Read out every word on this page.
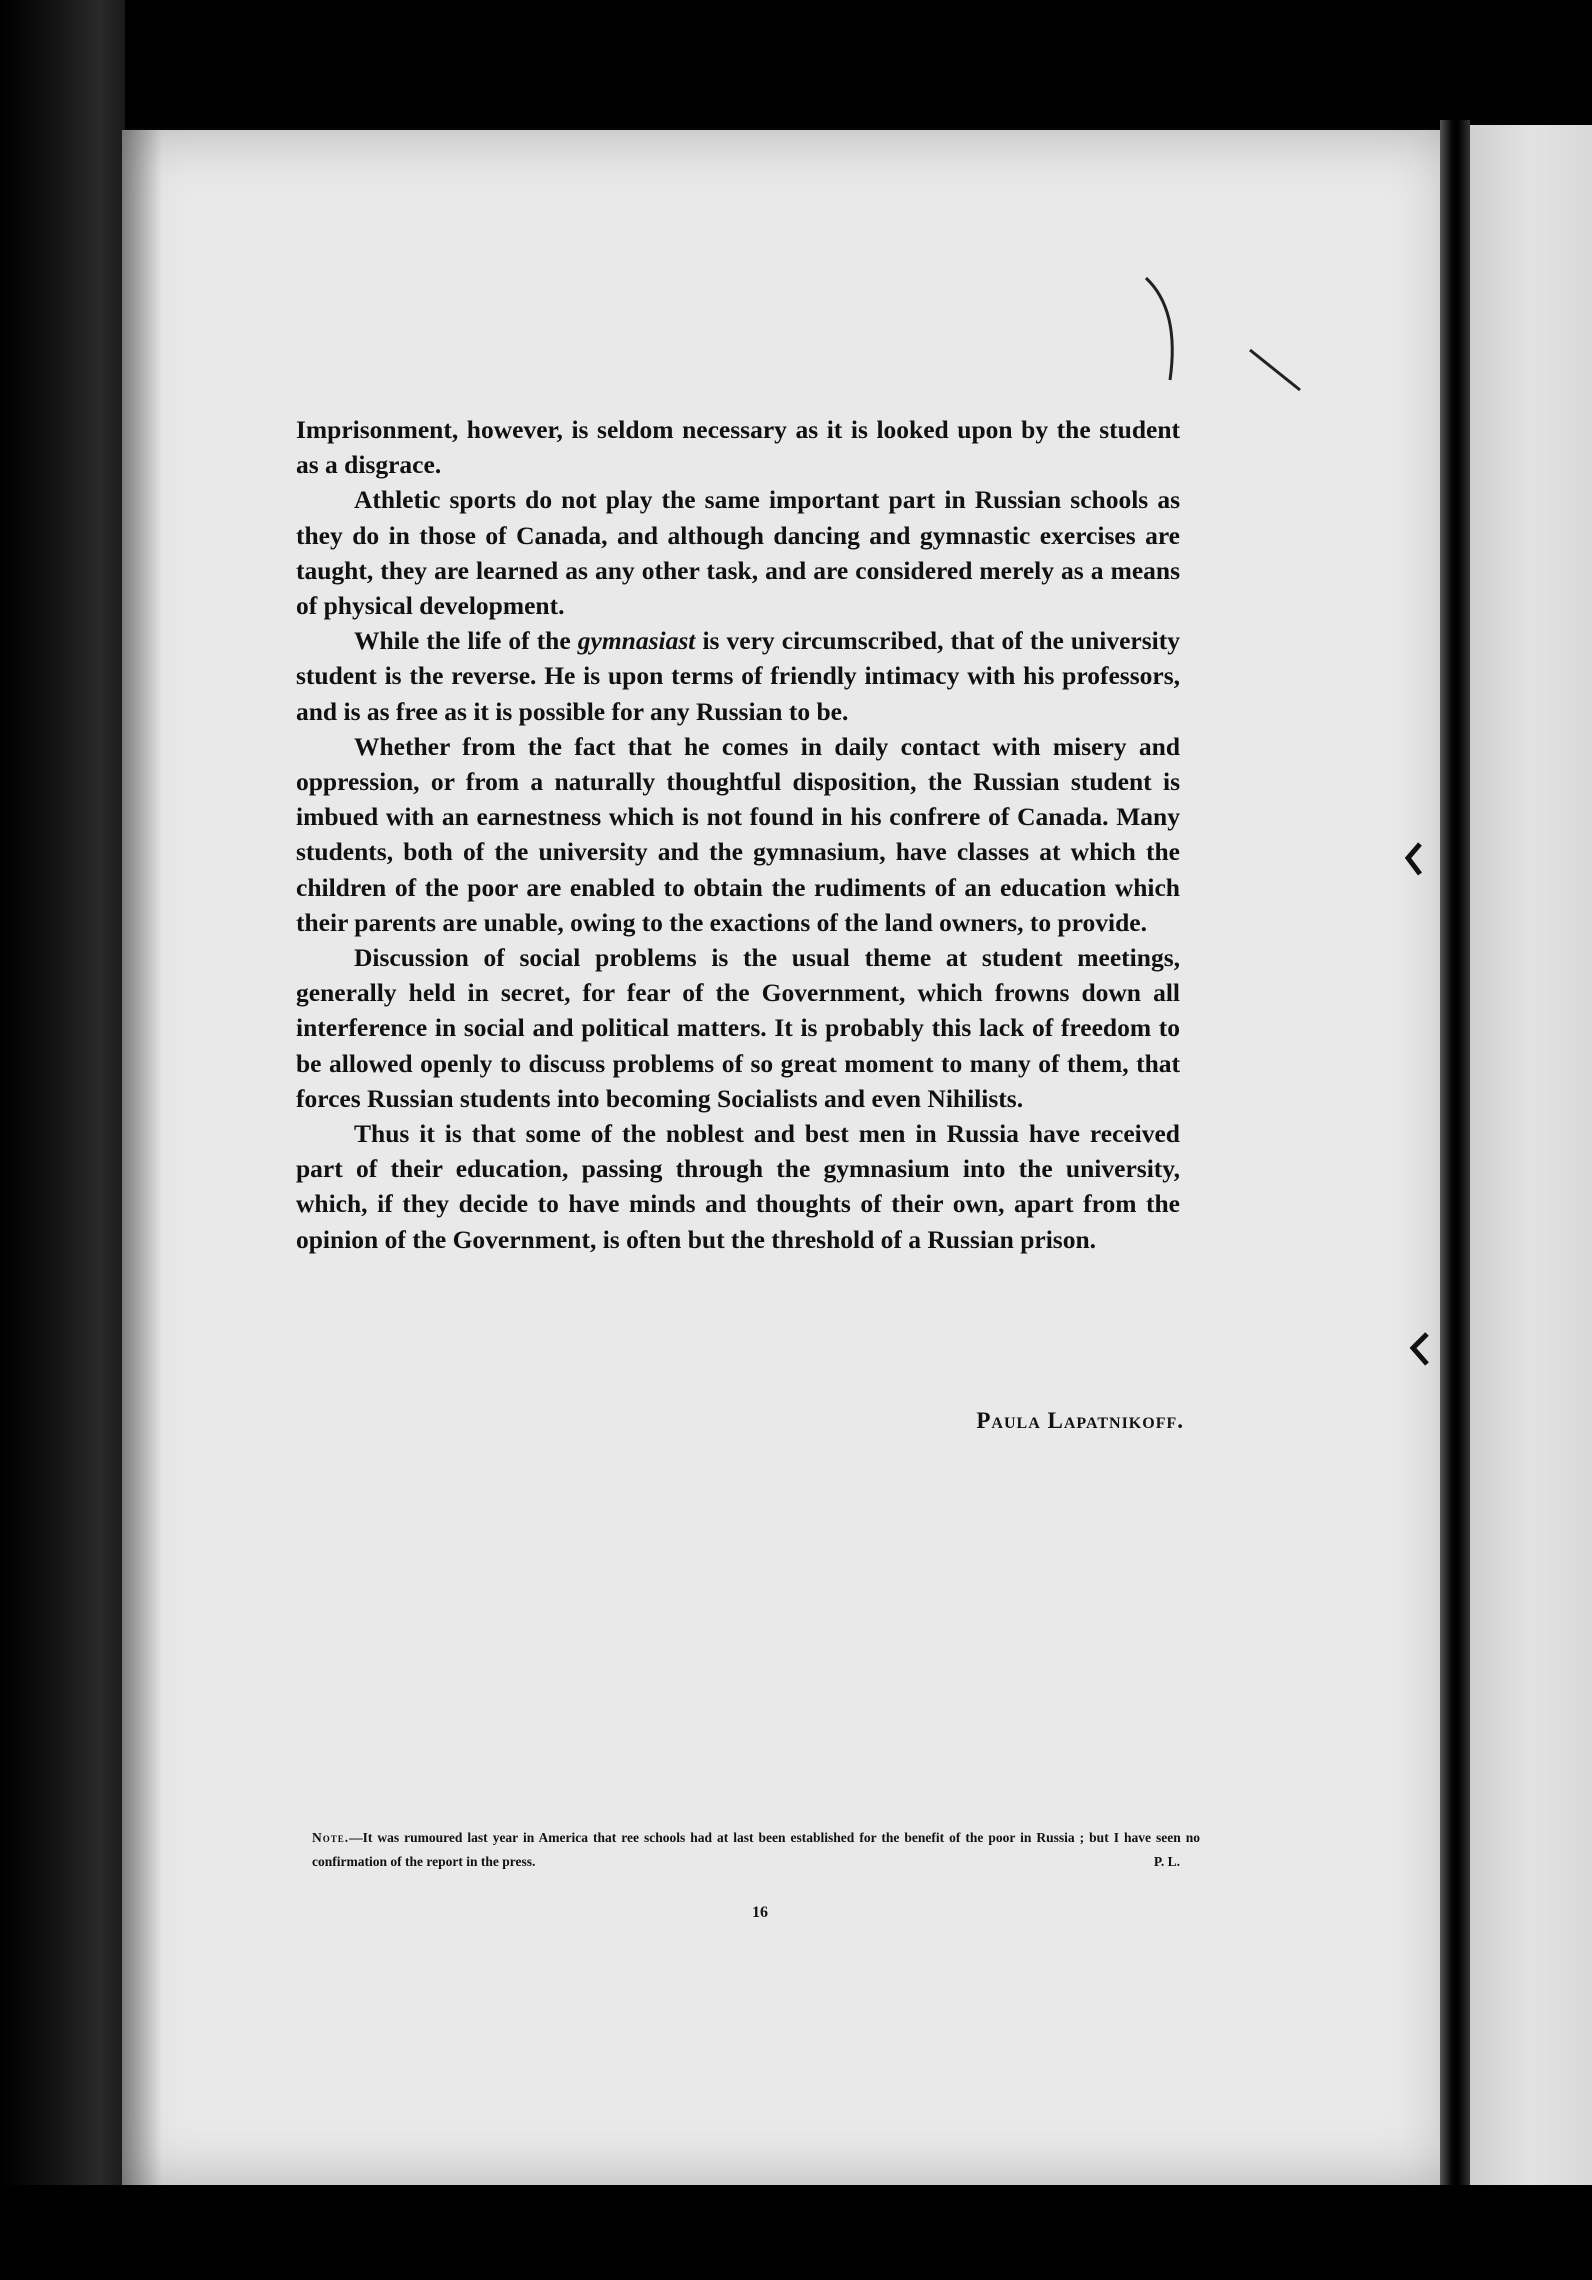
Imprisonment, however, is seldom necessary as it is looked upon by the student as a disgrace.

Athletic sports do not play the same important part in Russian schools as they do in those of Canada, and although dancing and gymnastic exercises are taught, they are learned as any other task, and are considered merely as a means of physical development.

While the life of the gymnasiast is very circumscribed, that of the university student is the reverse. He is upon terms of friendly intimacy with his professors, and is as free as it is possible for any Russian to be.

Whether from the fact that he comes in daily contact with misery and oppression, or from a naturally thoughtful disposition, the Russian student is imbued with an earnestness which is not found in his confrere of Canada. Many students, both of the university and the gymnasium, have classes at which the children of the poor are enabled to obtain the rudiments of an education which their parents are unable, owing to the exactions of the land owners, to provide.

Discussion of social problems is the usual theme at student meetings, generally held in secret, for fear of the Government, which frowns down all interference in social and political matters. It is probably this lack of freedom to be allowed openly to discuss problems of so great moment to many of them, that forces Russian students into becoming Socialists and even Nihilists.

Thus it is that some of the noblest and best men in Russia have received part of their education, passing through the gymnasium into the university, which, if they decide to have minds and thoughts of their own, apart from the opinion of the Government, is often but the threshold of a Russian prison.

Paula Lapatnikoff.
Note.—It was rumoured last year in America that ree schools had at last been established for the benefit of the poor in Russia ; but I have seen no confirmation of the report in the press.	P. L.
16
